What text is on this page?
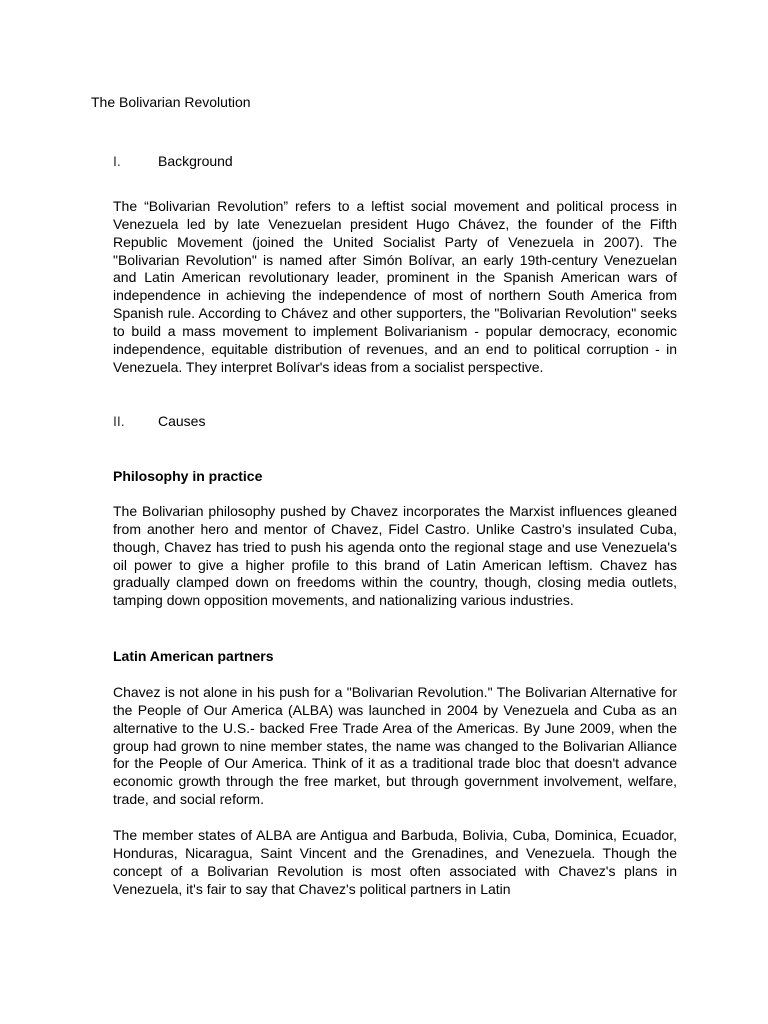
The Bolivarian Revolution
I.	Background

The “Bolivarian Revolution” refers to a leftist social movement and political process in Venezuela led by late Venezuelan president Hugo Chávez, the founder of the Fifth Republic Movement (joined the United Socialist Party of Venezuela in 2007). The "Bolivarian Revolution" is named after Simón Bolívar, an early 19th-century Venezuelan and Latin American revolutionary leader, prominent in the Spanish American wars of independence in achieving the independence of most of northern South America from Spanish rule. According to Chávez and other supporters, the "Bolivarian Revolution" seeks to build a mass movement to implement Bolivarianism - popular democracy, economic independence, equitable distribution of revenues, and an end to political corruption - in Venezuela. They interpret Bolívar's ideas from a socialist perspective.

II. Causes
Philosophy in practice

The Bolivarian philosophy pushed by Chavez incorporates the Marxist influences gleaned from another hero and mentor of Chavez, Fidel Castro. Unlike Castro's insulated Cuba, though, Chavez has tried to push his agenda onto the regional stage and use Venezuela's oil power to give a higher profile to this brand of Latin American leftism. Chavez has gradually clamped down on freedoms within the country, though, closing media outlets, tamping down opposition movements, and nationalizing various industries.

Latin American partners

Chavez is not alone in his push for a "Bolivarian Revolution." The Bolivarian Alternative for the People of Our America (ALBA) was launched in 2004 by Venezuela and Cuba as an alternative to the U.S.- backed Free Trade Area of the Americas. By June 2009, when the group had grown to nine member states, the name was changed to the Bolivarian Alliance for the People of Our America. Think of it as a traditional trade bloc that doesn't advance economic growth through the free market, but through government involvement, welfare, trade, and social reform.

The member states of ALBA are Antigua and Barbuda, Bolivia, Cuba, Dominica, Ecuador, Honduras, Nicaragua, Saint Vincent and the Grenadines, and Venezuela. Though the concept of a Bolivarian Revolution is most often associated with Chavez's plans in Venezuela, it's fair to say that Chavez's political partners in Latin
